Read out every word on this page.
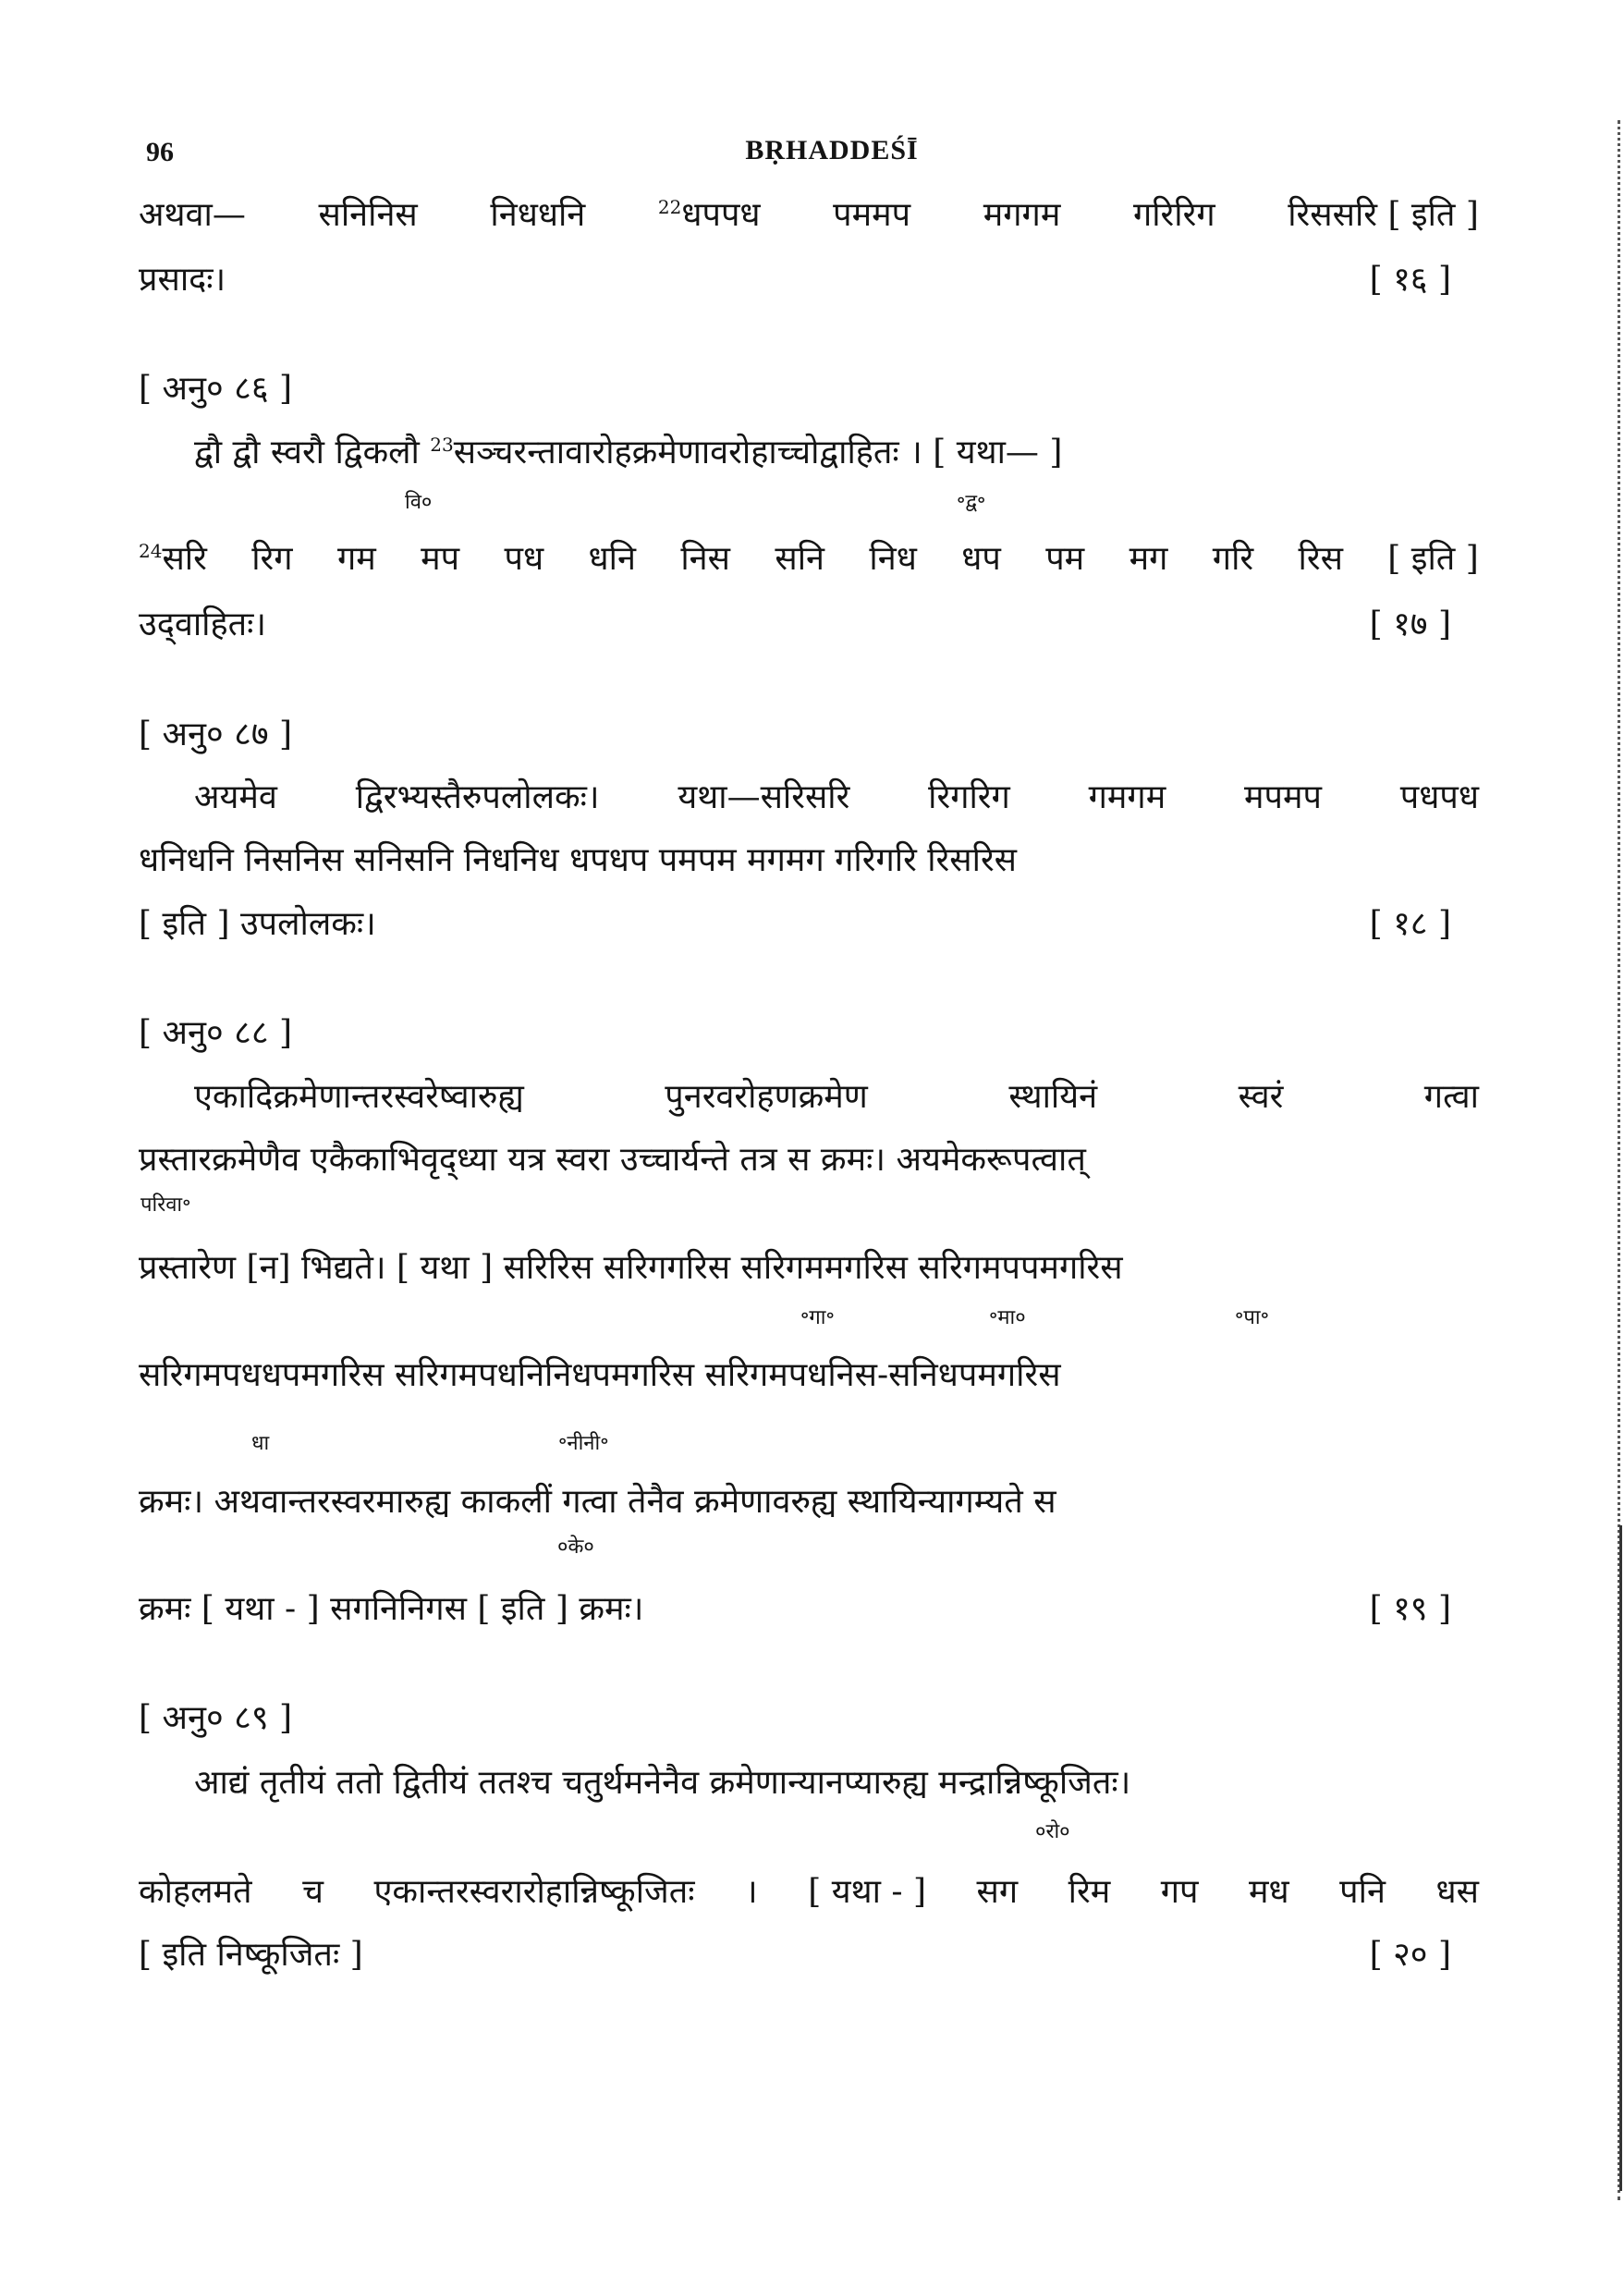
96	BṚHADDEŚĪ
अथवा— सनिनिस निधधनि	$^{22}$धपपध पममप मगगम गरिरिग रिससरि [ इति ]
प्रसादः।	[ १६ ]
[ अनु० ८६ ]
द्वौ द्वौ स्वरौ द्विकलौ $^{23}$सञ्चरन्तावारोहक्रमेणावरोहाच्चोद्वाहितः । [ यथा— ]
वि०	॰द्व॰
$^{24}$सरि रिग गम मप पध धनि निस सनि निध धप पम मग गरि रिस [ इति ]
उद्‌वाहितः।	[ १७ ]
[ अनु० ८७ ]
अयमेव द्विरभ्यस्तैरुपलोलकः। यथा—सरिसरि रिगरिग गमगम मपमप पधपध
धनिधनि निसनिस सनिसनि निधनिध धपधप पमपम मगमग गरिगरि रिसरिस
[ इति ] उपलोलकः।	[ १८ ]
[ अनु० ८८ ]
एकादिक्रमेणान्तरस्वरेष्वारुह्य	पुनरवरोहणक्रमेण	स्थायिनं	स्वरं	गत्वा
प्रस्तारक्रमेणैव एकैकाभिवृद्‌ध्या यत्र स्वरा उच्चार्यन्ते तत्र स क्रमः। अयमेकरूपत्वात्
परिवा॰
प्रस्तारेण [न] भिद्यते। [ यथा ] सरिरिस सरिगगरिस सरिगममगरिस सरिगमपपमगरिस
॰गा॰	॰मा०	॰पा॰
सरिगमपधधपमगरिस सरिगमपधनिनिधपमगरिस सरिगमपधनिस-सनिधपमगरिस
धा	॰नीनी॰
क्रमः। अथवान्तरस्वरमारुह्य काकलीं गत्वा तेनैव क्रमेणावरुह्य स्थायिन्यागम्यते स
०के०
क्रमः [ यथा - ] सगनिनिगस [ इति ] क्रमः।	[ १९ ]
[ अनु० ८९ ]
आद्यं तृतीयं ततो द्वितीयं ततश्च चतुर्थमनेनैव क्रमेणान्यानप्यारुह्य मन्द्रान्निष्कूजितः।
०रो०
कोहलमते च एकान्तरस्वरारोहान्निष्कूजितः । [ यथा - ] सग रिम गप मध पनि धस
[ इति निष्कूजितः ]	[ २० ]
